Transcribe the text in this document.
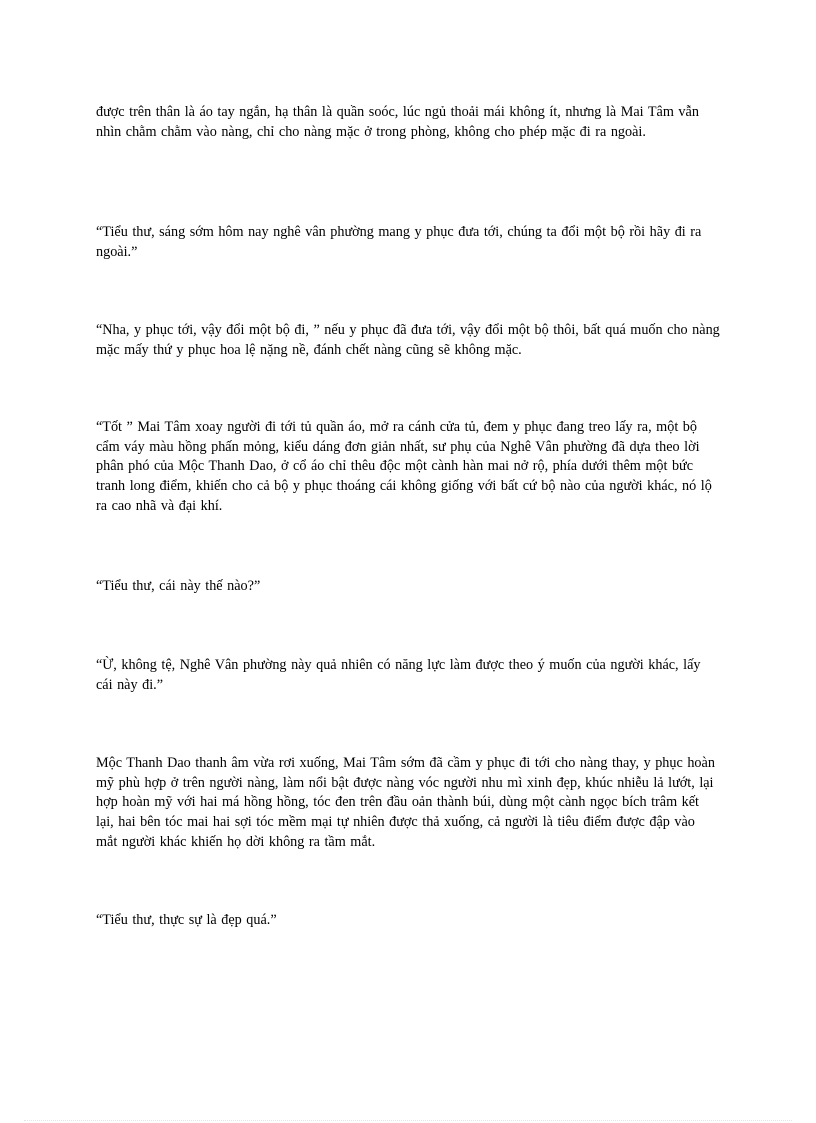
được trên thân là áo tay ngắn, hạ thân là quần soóc, lúc ngủ thoải mái không ít, nhưng là Mai Tâm vẫn nhìn chằm chằm vào nàng, chỉ cho nàng mặc ở trong phòng, không cho phép mặc đi ra ngoài.

“Tiểu thư, sáng sớm hôm nay nghê vân phường mang y phục đưa tới, chúng ta đổi một bộ rồi hãy đi ra ngoài.”

“Nha, y phục tới, vậy đổi một bộ đi, ” nếu y phục đã đưa tới, vậy đổi một bộ thôi, bất quá muốn cho nàng mặc mấy thứ y phục hoa lệ nặng nề, đánh chết nàng cũng sẽ không mặc.

“Tốt ” Mai Tâm xoay người đi tới tủ quần áo, mở ra cánh cửa tủ, đem y phục đang treo lấy ra, một bộ cẩm váy màu hồng phấn mỏng, kiểu dáng đơn giản nhất, sư phụ của Nghê Vân phường đã dựa theo lời phân phó của Mộc Thanh Dao, ở cổ áo chỉ thêu độc một cành hàn mai nở rộ, phía dưới thêm một bức tranh long điểm, khiến cho cả bộ y phục thoáng cái không giống với bất cứ bộ nào của người khác, nó lộ ra cao nhã và đại khí.

“Tiểu thư, cái này thế nào?”

“Ừ, không tệ, Nghê Vân phường này quả nhiên có năng lực làm được theo ý muốn của người khác, lấy cái này đi.”

Mộc Thanh Dao thanh âm vừa rơi xuống, Mai Tâm sớm đã cầm y phục đi tới cho nàng thay, y phục hoàn mỹ phù hợp ở trên người nàng, làm nổi bật được nàng vóc người nhu mì xinh đẹp, khúc nhiễu lả lướt, lại hợp hoàn mỹ với hai má hồng hồng, tóc đen trên đầu oản thành búi, dùng một cành ngọc bích trâm kết lại, hai bên tóc mai hai sợi tóc mềm mại tự nhiên được thả xuống, cả người là tiêu điểm được đập vào mắt người khác khiến họ dời không ra tầm mắt.

“Tiểu thư, thực sự là đẹp quá.”
